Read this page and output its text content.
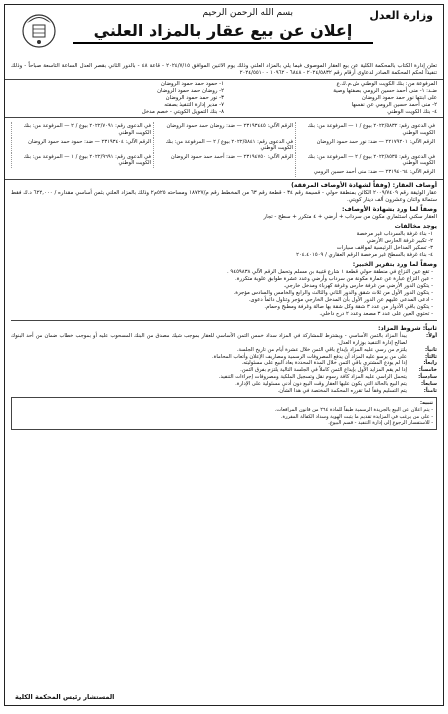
وزارة العدل
بسم الله الرحمن الرحيم
إعلان عن بيع عقار بالمزاد العلني
تعلن إدارة الكتاب بالمحكمة الكلية عن بيع العقار الموصوف فيما يلي بالمزاد العلني وذلك يوم الاثنين الموافق ٢٠٢٤/٧/١٥ - قاعة ٤٨ - بالدور الثاني بقصر العدل الساعة التاسعة صباحاً - وذلك تنفيذاً لحكم المحكمة الصادر لدعاوى أرقام رقم ٢٠٢٤/٥٨٣٢ - ٦٨٤٨ - ١٠٩٦٢ - ٢٠٢٤/٥٥١٠
المرفوعة من: بنك الكويت الوطني ش.م.ك.ع
١- حمود حمد حمود الروضان
ضـد: ١- منى أحمد حسين الرومي بصفتها وصية
٢- روضان حمد حمود الروضان
على ابنتها نور حمد حمود الروضان
٣- نور حمد حمود الروضان
٢- منى أحمد حسين الرومي عن نفسها
٧- مدير إدارة التنفيذ بصفته
٤- بنك الكويت الوطني
٨- بنك التمويل الكويتي - خصم مدخل
في الدعوى رقم: ٢٠٢٢/٥٨٣٢ بيوع / ١ — المرفوعة من: بنك الكويت الوطني
الرقم الآلي: ٢٣١٩٣٤٤٥ — ضد: روضان حمد حمود الروضان
في الدعوى رقم: ٢٠٢٢/٧٠٩١ بيوع / ٢ — المرفوعة من: بنك الكويت الوطني
الرقم الآلي: ٢٢١٧٩٢٠١ — ضد: نور حمد حمود الروضان
في الدعوى رقم: ٢٠٢٢/٥٨٤١ بيوع / ٢ — المرفوعة من: بنك الكويت الوطني
الرقم الآلي: ٢٣١٩٣٤٠٤ — ضد: حمود حمد حمود الروضان
في الدعوى رقم: ٢٠٢٢/٨٥٣٥ بيوع / ٢ — المرفوعة من: بنك الكويت الوطني
الرقم الآلي: ٢٣١٩٤٧٥٠ — ضد: أحمد حمد حمود الروضان
في الدعوى رقم: ٢٠٢٢/٩٦٩١ بيوع / ١ — المرفوعة من: بنك الكويت الوطني
الرقم الآلي: ٢٣١٩٤٠٦٤ — ضد: منى أحمد حسين الرومي
أوصاف العقار: (وفقاً لشهادة الأوصاف المرفقة)
عقار الوثيقة رقم ٢٠٠٩/٧٤٠٩ الكائن بمنطقة حولي - قسيمة رقم ٣٤ - قطعة رقم ٦٣ من المخطط رقم م/١٨٧٢٧ ومساحته ٥٢٥م٢ وذلك بالمزاد العلني بثمن أساسي مقداره / ٦٢٢,٠٠٠ د.ك فقط ستمائة واثنان وعشرون ألف دينار كويتي.
وصفاً لما ورد بشهادة الأوصاف:
العقار سكني استثماري مكون من سرداب + أرضي + ٤ متكرر + سطح - تجار
يوجد مخالفات
١- بناء غرفة بالسرداب غير مرخصة
٢- تكبير غرفة الحارس الأرضي
٣- تسكير المداخل الرئيسية لمواقف سيارات
٤- بناء غرفة بالسطح غير مرخصة الرقم العقاري / ٢٠٤.٤٠١٥٠٩
وصفاً لما ورد بتقرير الخبير:
- تقع عين النزاع في منطقة حولي قطعة ١ شارع قتيبة بن مسلم وتحمل الرقم الآلي ٩٤٥٩٨٣٨ .
- عين النزاع عبارة عن عمارة مكونة من سرداب وأرضي وعدد عشرة طوابق علوية متكررة.
- يتكون الدور الأرضي من غرفة حارس وغرفة كهرباء ومدخل خارجي.
- يتكون الدور الأول من ثلاث شقق والدور الثاني والثالث والرابع والخامس والسادس مؤجرة.
- ادعى المدعى عليهم عن الدور الأول بأن المدخل الخارجي مؤجر وتناول دائماً دعوى.
- يتكون باقي الأدوار من عدد ٣ شقة وكل شقة بها صالة وغرفة ومطبخ وحمام.
- تحتوي العين على عدد ٣ مصعد وعدد ٢ درج داخلي.
ثانياً: شروط المزاد:
أولاً:
يبدأ المزاد بالثمن الأساسي - ويشترط للمشاركة في المزاد سداد خمس الثمن الأساسي للعقار بموجب شيك مصدق من البنك المسحوب عليه أو بموجب خطاب ضمان من أحد البنوك لصالح إدارة التنفيذ بوزارة العدل.
ثانياً:
يلتزم من رسي عليه المزاد بإيداع باقي الثمن خلال عشرة أيام من تاريخ الجلسة.
ثالثاً:
على من يرسو عليه المزاد أن يدفع المصروفات الرسمية ومصاريف الإعلان وأتعاب المحاماة.
رابعاً:
إذا لم يودع المشتري باقي الثمن خلال المدة المحددة يعاد البيع على مسئوليته.
خامساً:
إذا لم يقم المزايد الأول بإيداع الثمن كاملاً في الجلسة التالية يلتزم بفرق الثمن.
سادساً:
يتحمل الراسي عليه المزاد كافة رسوم نقل وتسجيل الملكية ومصروفات إجراءات التنفيذ.
سابعاً:
يتم البيع بالحالة التي يكون عليها العقار وقت البيع دون أدنى مسئولية على الإدارة.
ثامناً:
يتم التسليم وفقاً لما تقرره المحكمة المختصة في هذا الشأن.
تنبيه:
- يتم اعلان عن البيع بالجريدة الرسمية طبقاً للمادة ٢٦٤ من قانون المرافعات.
- على من يرغب في المزايدة تقديم ما يثبت الهوية وسداد الكفالة المقررة.
- للاستفسار الرجوع إلى إدارة التنفيذ - قسم البيوع.
المستشار رئيس المحكمة الكلية
